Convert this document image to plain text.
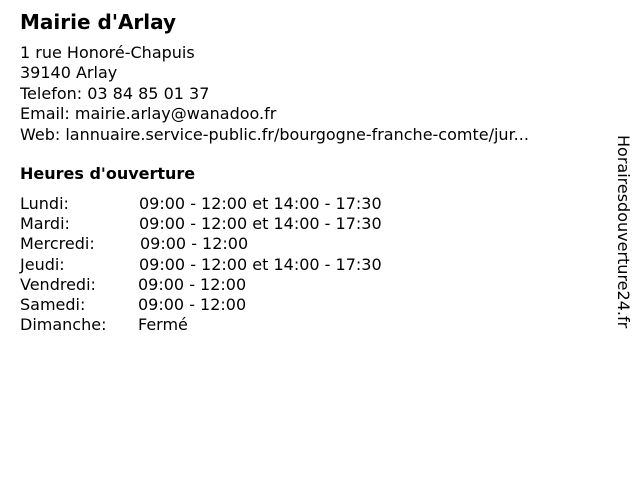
Mairie d'Arlay
1 rue Honoré-Chapuis
39140 Arlay
Telefon: 03 84 85 01 37
Email: mairie.arlay@wanadoo.fr
Web: lannuaire.service-public.fr/bourgogne-franche-comte/jur...
Heures d'ouverture
Lundi:	09:00 - 12:00 et 14:00 - 17:30
Mardi:	09:00 - 12:00 et 14:00 - 17:30
Mercredi:	09:00 - 12:00
Jeudi:	09:00 - 12:00 et 14:00 - 17:30
Vendredi:	09:00 - 12:00
Samedi:	09:00 - 12:00
Dimanche:	Fermé	Horairesdouverture24.fr
